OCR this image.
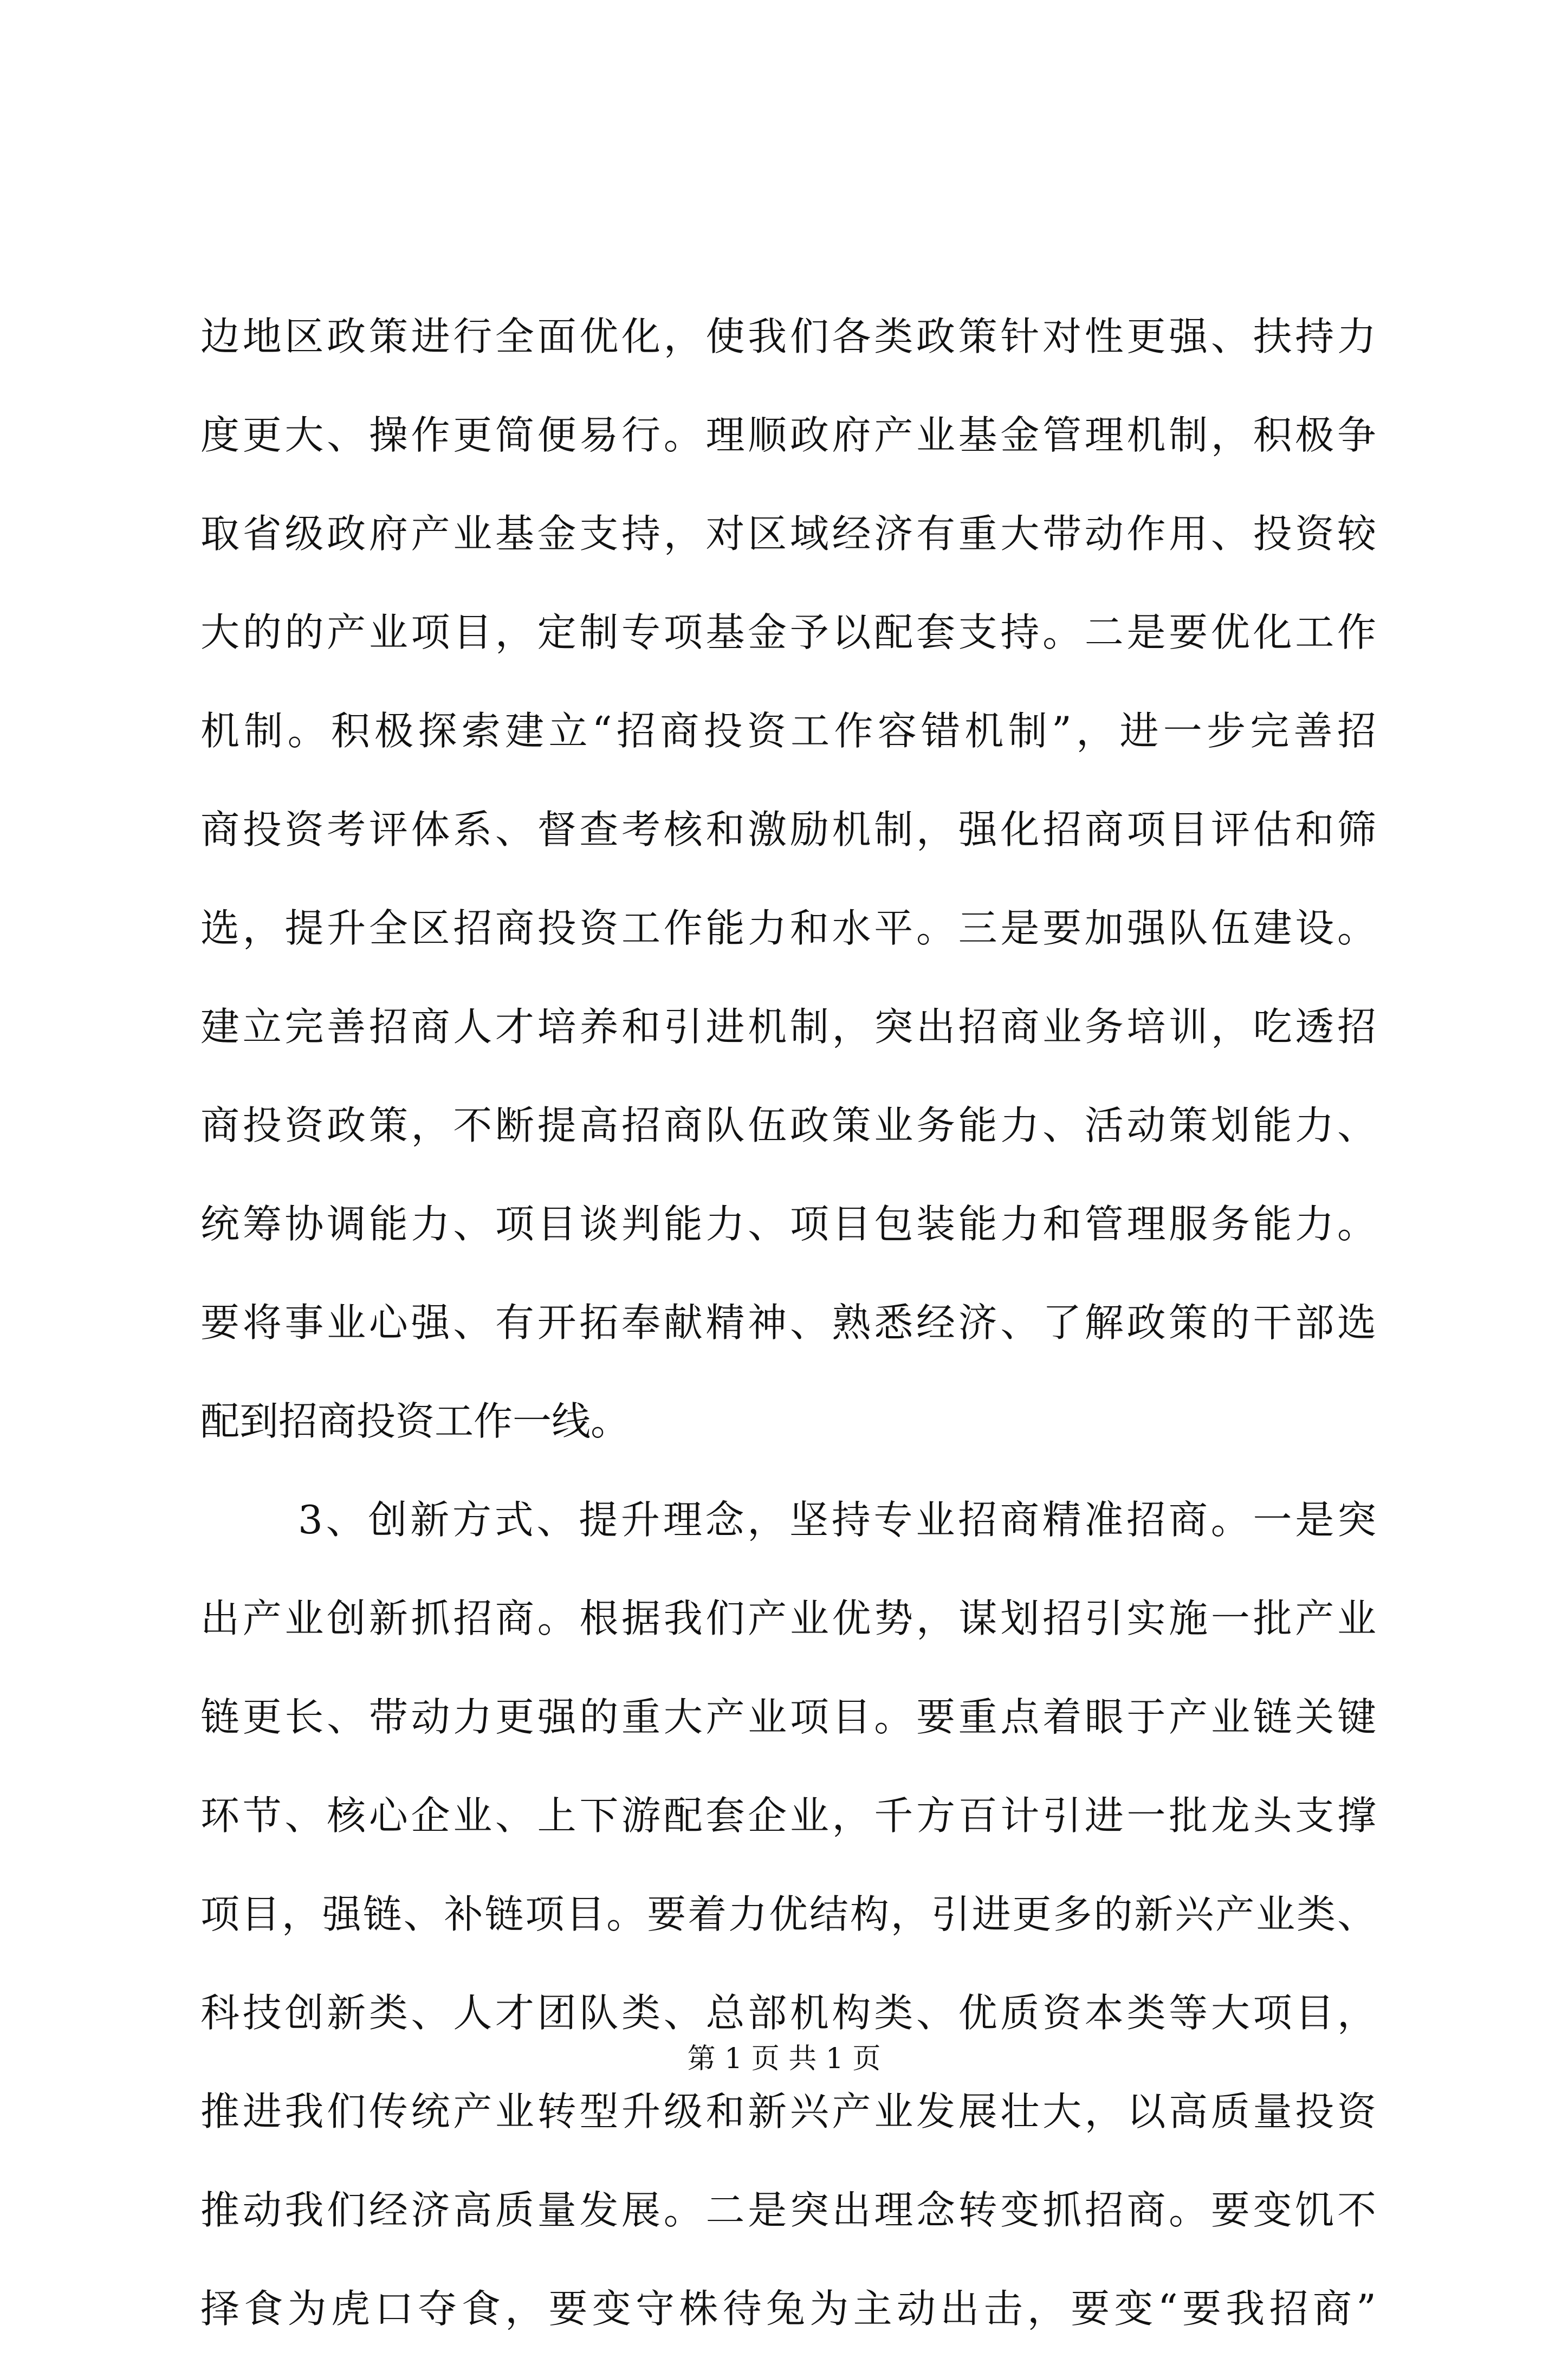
边地区政策进行全面优化，使我们各类政策针对性更强、扶持力
度更大、操作更简便易行。理顺政府产业基金管理机制，积极争
取省级政府产业基金支持，对区域经济有重大带动作用、投资较
大的的产业项目，定制专项基金予以配套支持。二是要优化工作
机制。积极探索建立“招商投资工作容错机制”，进一步完善招
商投资考评体系、督查考核和激励机制，强化招商项目评估和筛
选，提升全区招商投资工作能力和水平。三是要加强队伍建设。
建立完善招商人才培养和引进机制，突出招商业务培训，吃透招
商投资政策，不断提高招商队伍政策业务能力、活动策划能力、
统筹协调能力、项目谈判能力、项目包装能力和管理服务能力。
要将事业心强、有开拓奉献精神、熟悉经济、了解政策的干部选
配到招商投资工作一线。
3、创新方式、提升理念，坚持专业招商精准招商。一是突
出产业创新抓招商。根据我们产业优势，谋划招引实施一批产业
链更长、带动力更强的重大产业项目。要重点着眼于产业链关键
环节、核心企业、上下游配套企业，千方百计引进一批龙头支撑
项目，强链、补链项目。要着力优结构，引进更多的新兴产业类、
科技创新类、人才团队类、总部机构类、优质资本类等大项目，
推进我们传统产业转型升级和新兴产业发展壮大，以高质量投资
推动我们经济高质量发展。二是突出理念转变抓招商。要变饥不
择食为虎口夺食，要变守株待兔为主动出击，要变“要我招商”
第 1 页 共 1 页
